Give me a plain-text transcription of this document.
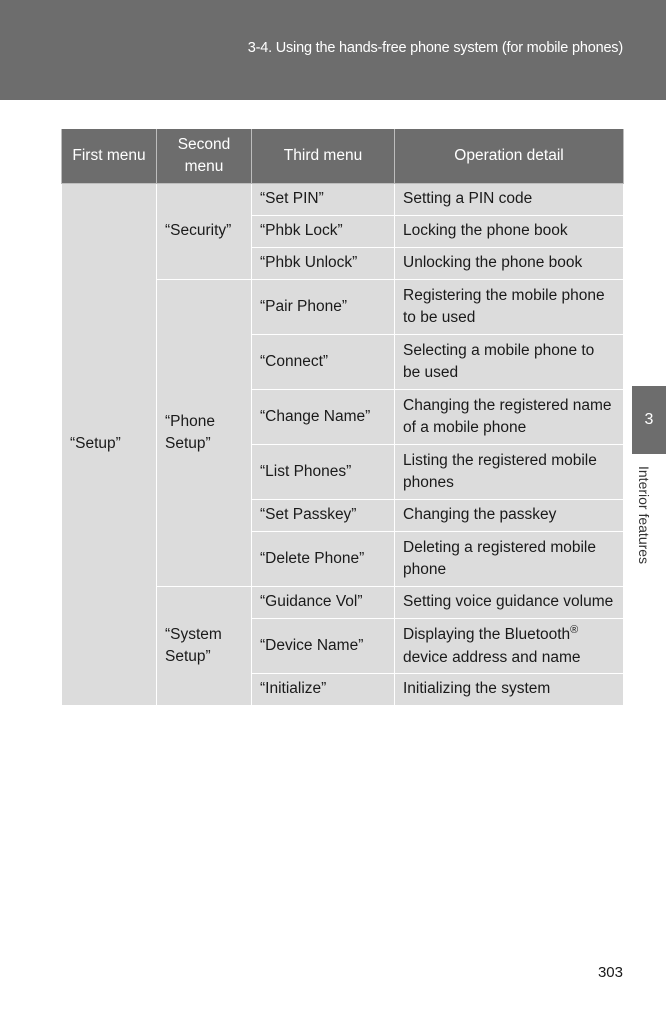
3-4. Using the hands-free phone system (for mobile phones)
First menu	Second menu	Third menu	Operation detail
“Setup”	“Security”	“Set PIN”	Setting a PIN code
		“Phbk Lock”	Locking the phone book
		“Phbk Unlock”	Unlocking the phone book
	“Phone Setup”	“Pair Phone”	Registering the mobile phone to be used
		“Connect”	Selecting a mobile phone to be used
		“Change Name”	Changing the registered name of a mobile phone
		“List Phones”	Listing the registered mobile phones
		“Set Passkey”	Changing the passkey
		“Delete Phone”	Deleting a registered mobile phone
	“System Setup”	“Guidance Vol”	Setting voice guidance volume
		“Device Name”	Displaying the Bluetooth® device address and name
		“Initialize”	Initializing the system
3
Interior features
303
